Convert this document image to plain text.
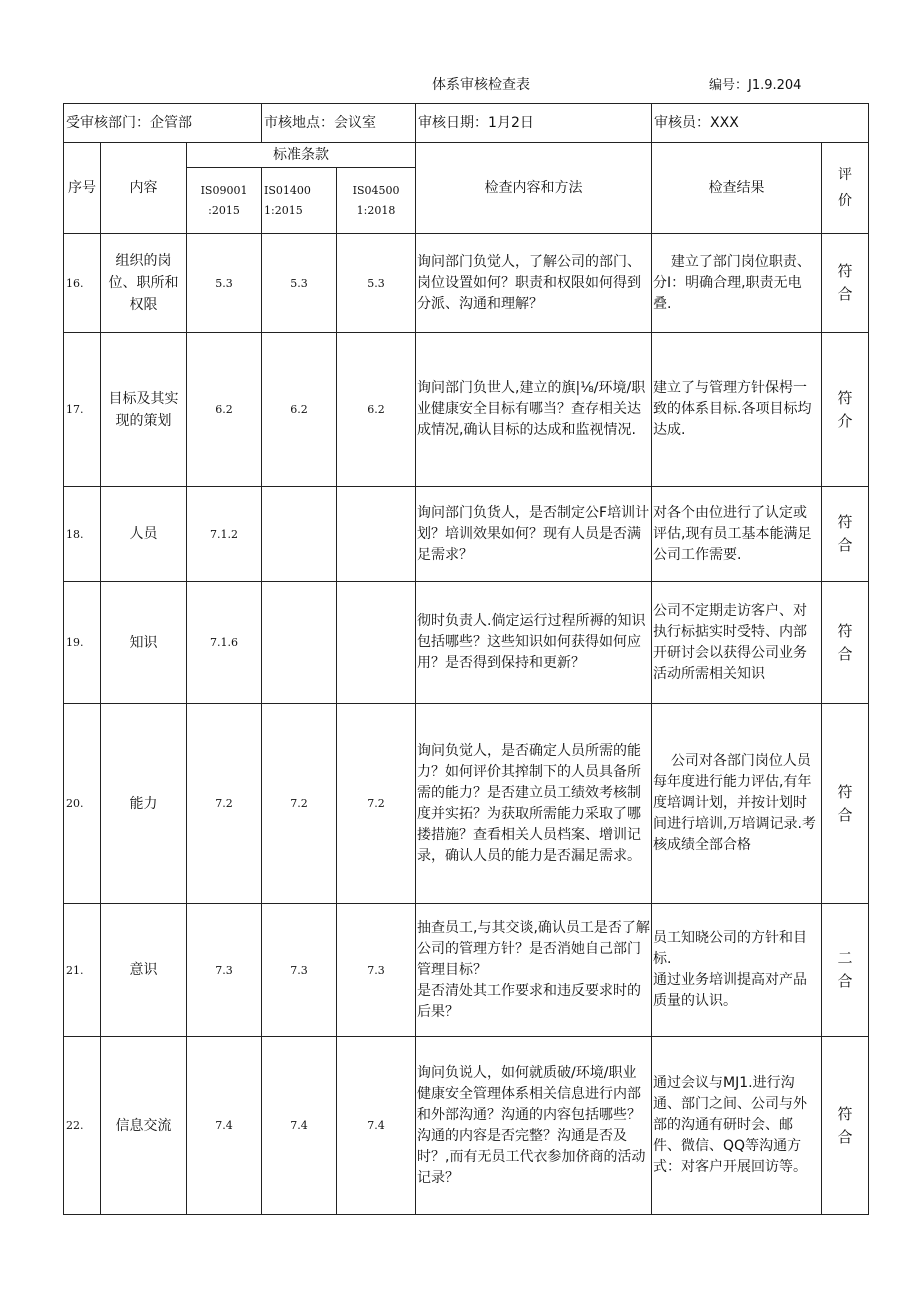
体系审核检查表	编号：J1.9.204
受审核部门：企管部			市核地点：会议室		审核日期：1月2日	审核员：XXX	
序号	内容	标准条款			检查内容和方法	检查结果	评
价
		IS09001
:2015	IS01400
1:2015	IS04500
1:2018			
16.	组织的岗
位、职所和
权限	5.3	5.3	5.3	询问部门负觉人，了解公司的部门、岗位设置如何？职责和权限如何得到分派、沟通和理解？	建立了部门岗位职责、分I：明确合理,职责无电叠.	符
合
17.	目标及其实
现的策划	6.2	6.2	6.2	询问部门负世人,建立的旗|⅛∕环境/职业健康安全目标有哪当？查存相关达成情况,确认目标的达成和监视情况.	建立了与管理方针保枵一致的体系目标.各项目标均达成.	符
介
18.	人员	7.1.2			询问部门负货人，是否制定公F培训计划？培训效果如何？现有人员是否满足需求？	对各个由位进行了认定或评估,现有员工基本能满足公司工作需要.	符
合
19.	知识	7.1.6			彻时负责人.倘定运行过程所褥的知识包括哪些？这些知识如何获得如何应用？是否得到保持和更新？	公司不定期走访客户、对执行标掂实时受特、内部开研讨会以获得公司业务活动所需相关知识	符
合
20.	能力	7.2	7.2	7.2	询问负觉人，是否确定人员所需的能力？如何评价其搾制下的人员具备所需的能力？是否建立员工绩效考核制度并实拓？为获取所需能力采取了哪搂措施？查看相关人员档案、增训记录，确认人员的能力是否漏足需求。	公司对各部门岗位人员每年度进行能力评估,有年度培调计划，并按计划时间进行培训,万培调记录.考核成绩全部合格	符
合
21.	意识	7.3	7.3	7.3	抽查员工,与其交谈,确认员工是否了解公司的管理方针？是否消她自己部门管理目标？
是否清处其工作要求和违反要求时的后果？	员工知晓公司的方针和目标.
通过业务培训提高对产品质量的认识。	二
合
22.	信息交流	7.4	7.4	7.4	询问负说人，如何就质破/环境/职业健康安全管理体系相关信息进行内部和外部沟通？沟通的内容包括哪些？沟通的内容是否完整？沟通是否及时？,而有无员工代衣参加侪商的活动记录？	通过会议与MJ1.进行沟通、部门之间、公司与外部的沟通有研时会、邮件、微信、QQ等沟通方式：对客户开展回访等。	符
合
